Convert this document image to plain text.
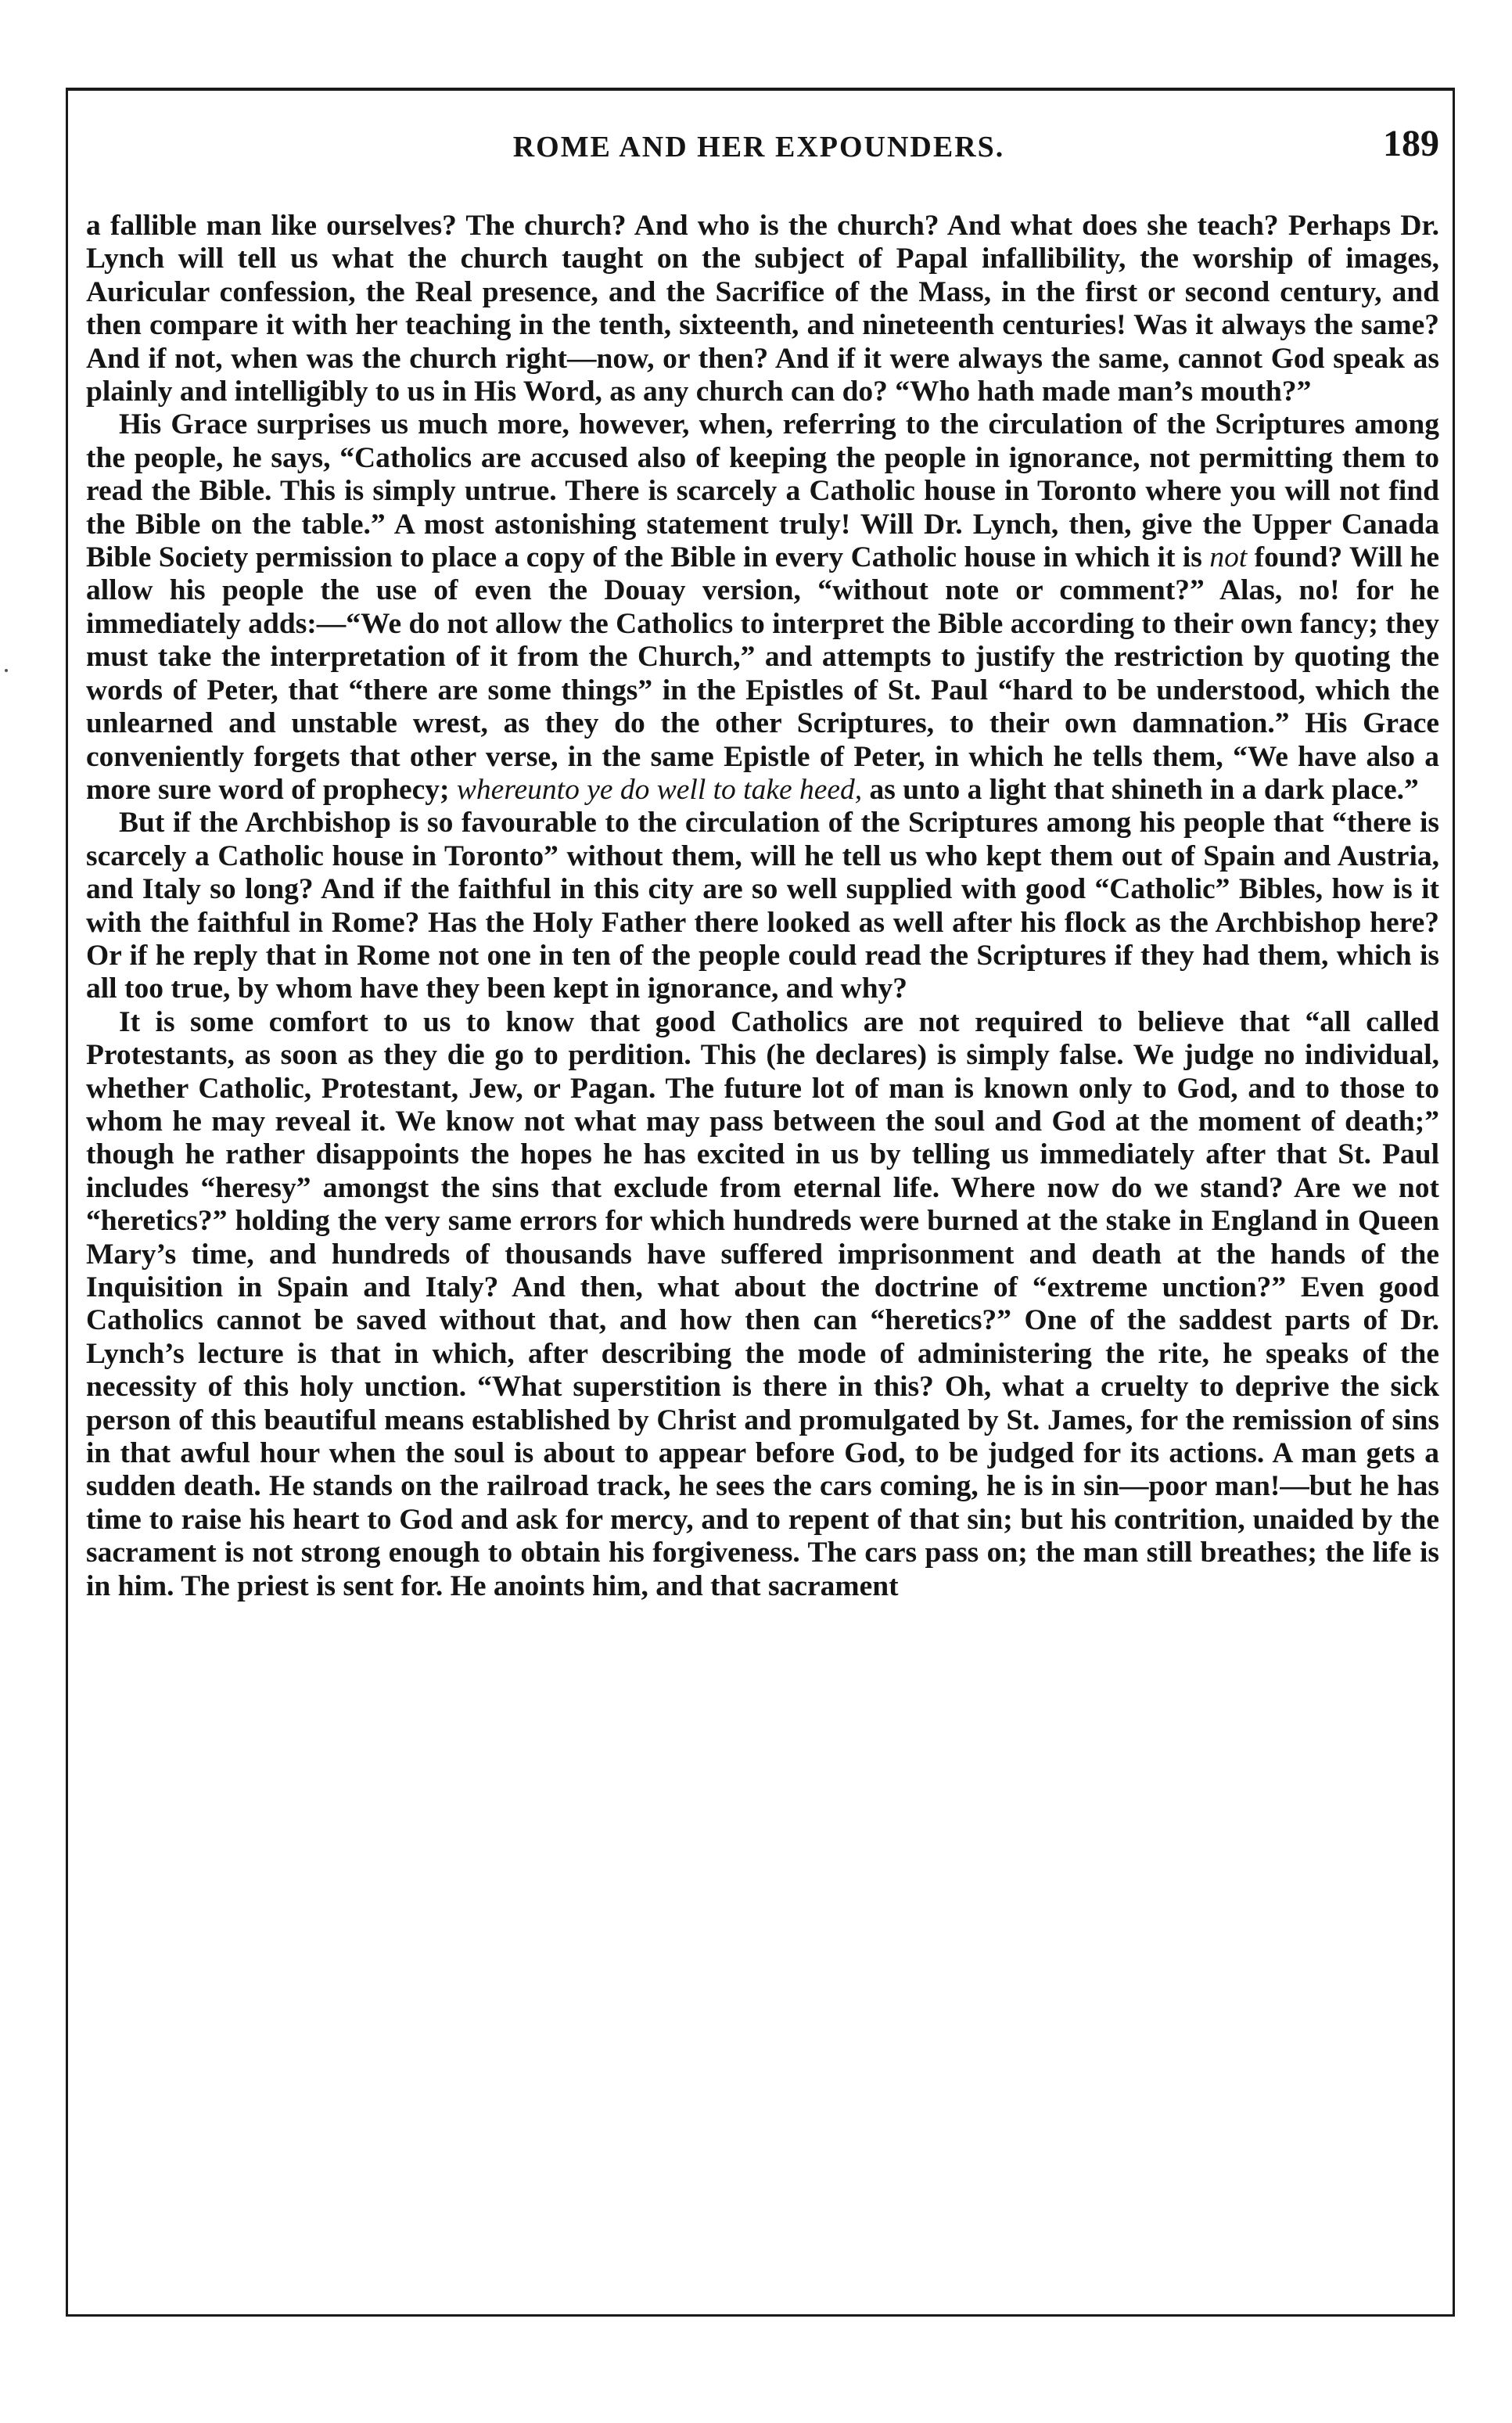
ROME AND HER EXPOUNDERS.	189

a fallible man like ourselves? The church? And who is the church? And what does she teach? Perhaps Dr. Lynch will tell us what the church taught on the subject of Papal infallibility, the worship of images, Auricular confession, the Real presence, and the Sacrifice of the Mass, in the first or second century, and then compare it with her teaching in the tenth, sixteenth, and nineteenth centuries! Was it always the same? And if not, when was the church right—now, or then? And if it were always the same, cannot God speak as plainly and intelligibly to us in His Word, as any church can do? “Who hath made man’s mouth?”

His Grace surprises us much more, however, when, referring to the circulation of the Scriptures among the people, he says, “Catholics are accused also of keeping the people in ignorance, not permitting them to read the Bible. This is simply untrue. There is scarcely a Catholic house in Toronto where you will not find the Bible on the table.” A most astonishing statement truly! Will Dr. Lynch, then, give the Upper Canada Bible Society permission to place a copy of the Bible in every Catholic house in which it is not found? Will he allow his people the use of even the Douay version, “without note or comment?” Alas, no! for he immediately adds:—“We do not allow the Catholics to interpret the Bible according to their own fancy; they must take the interpretation of it from the Church,” and attempts to justify the restriction by quoting the words of Peter, that “there are some things” in the Epistles of St. Paul “hard to be understood, which the unlearned and unstable wrest, as they do the other Scriptures, to their own damnation.” His Grace conveniently forgets that other verse, in the same Epistle of Peter, in which he tells them, “We have also a more sure word of prophecy; whereunto ye do well to take heed, as unto a light that shineth in a dark place.”

But if the Archbishop is so favourable to the circulation of the Scriptures among his people that “there is scarcely a Catholic house in Toronto” without them, will he tell us who kept them out of Spain and Austria, and Italy so long? And if the faithful in this city are so well supplied with good “Catholic” Bibles, how is it with the faithful in Rome? Has the Holy Father there looked as well after his flock as the Archbishop here? Or if he reply that in Rome not one in ten of the people could read the Scriptures if they had them, which is all too true, by whom have they been kept in ignorance, and why?

It is some comfort to us to know that good Catholics are not required to believe that “all called Protestants, as soon as they die go to perdition. This (he declares) is simply false. We judge no individual, whether Catholic, Protestant, Jew, or Pagan. The future lot of man is known only to God, and to those to whom he may reveal it. We know not what may pass between the soul and God at the moment of death;” though he rather disappoints the hopes he has excited in us by telling us immediately after that St. Paul includes “heresy” amongst the sins that exclude from eternal life. Where now do we stand? Are we not “heretics?” holding the very same errors for which hundreds were burned at the stake in England in Queen Mary’s time, and hundreds of thousands have suffered imprisonment and death at the hands of the Inquisition in Spain and Italy? And then, what about the doctrine of “extreme unction?” Even good Catholics cannot be saved without that, and how then can “heretics?” One of the saddest parts of Dr. Lynch’s lecture is that in which, after describing the mode of administering the rite, he speaks of the necessity of this holy unction. “What superstition is there in this? Oh, what a cruelty to deprive the sick person of this beautiful means established by Christ and promulgated by St. James, for the remission of sins in that awful hour when the soul is about to appear before God, to be judged for its actions. A man gets a sudden death. He stands on the railroad track, he sees the cars coming, he is in sin—poor man!—but he has time to raise his heart to God and ask for mercy, and to repent of that sin; but his contrition, unaided by the sacrament is not strong enough to obtain his forgiveness. The cars pass on; the man still breathes; the life is in him. The priest is sent for. He anoints him, and that sacrament
